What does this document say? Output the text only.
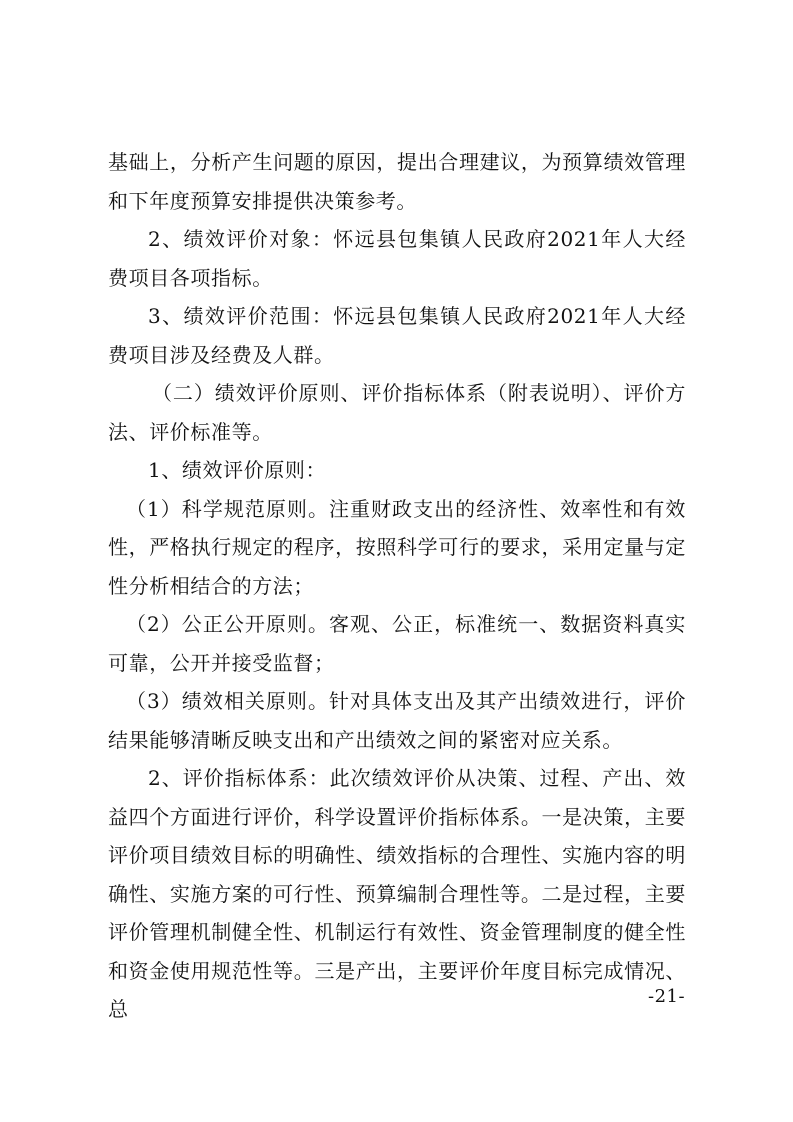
基础上，分析产生问题的原因，提出合理建议，为预算绩效管理和下年度预算安排提供决策参考。

2、绩效评价对象：怀远县包集镇人民政府2021年人大经费项目各项指标。

3、绩效评价范围：怀远县包集镇人民政府2021年人大经费项目涉及经费及人群。

（二）绩效评价原则、评价指标体系（附表说明）、评价方法、评价标准等。

1、绩效评价原则：

（1）科学规范原则。注重财政支出的经济性、效率性和有效性，严格执行规定的程序，按照科学可行的要求，采用定量与定性分析相结合的方法；

（2）公正公开原则。客观、公正，标准统一、数据资料真实可靠，公开并接受监督；

（3）绩效相关原则。针对具体支出及其产出绩效进行，评价结果能够清晰反映支出和产出绩效之间的紧密对应关系。

2、评价指标体系：此次绩效评价从决策、过程、产出、效益四个方面进行评价，科学设置评价指标体系。一是决策，主要评价项目绩效目标的明确性、绩效指标的合理性、实施内容的明确性、实施方案的可行性、预算编制合理性等。二是过程，主要评价管理机制健全性、机制运行有效性、资金管理制度的健全性和资金使用规范性等。三是产出，主要评价年度目标完成情况、总

-21-
